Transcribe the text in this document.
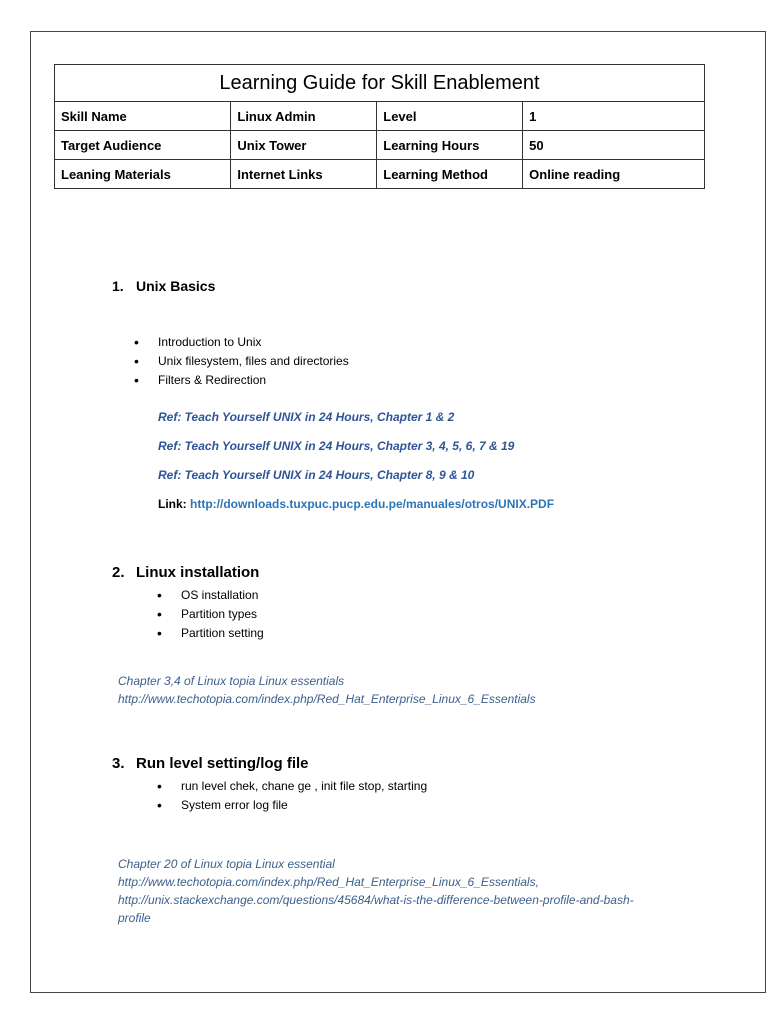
Learning Guide for Skill Enablement			
Skill Name	Linux Admin	Level	1
Target Audience	Unix Tower	Learning Hours	50
Leaning Materials	Internet Links	Learning Method	Online reading
1. Unix Basics
• Introduction to Unix
• Unix filesystem, files and directories
• Filters & Redirection
Ref: Teach Yourself UNIX in 24 Hours, Chapter 1 & 2
Ref: Teach Yourself UNIX in 24 Hours, Chapter 3, 4, 5, 6, 7 & 19
Ref: Teach Yourself UNIX in 24 Hours, Chapter 8, 9 & 10
Link: http://downloads.tuxpuc.pucp.edu.pe/manuales/otros/UNIX.PDF
2. Linux installation
• OS installation
• Partition types
• Partition setting
Chapter 3,4 of Linux topia Linux essentials
http://www.techotopia.com/index.php/Red_Hat_Enterprise_Linux_6_Essentials
3. Run level setting/log file
• run level chek, chane ge , init file stop, starting
• System error log file
Chapter 20 of Linux topia Linux essential
http://www.techotopia.com/index.php/Red_Hat_Enterprise_Linux_6_Essentials,
http://unix.stackexchange.com/questions/45684/what-is-the-difference-between-profile-and-bash-
profile
